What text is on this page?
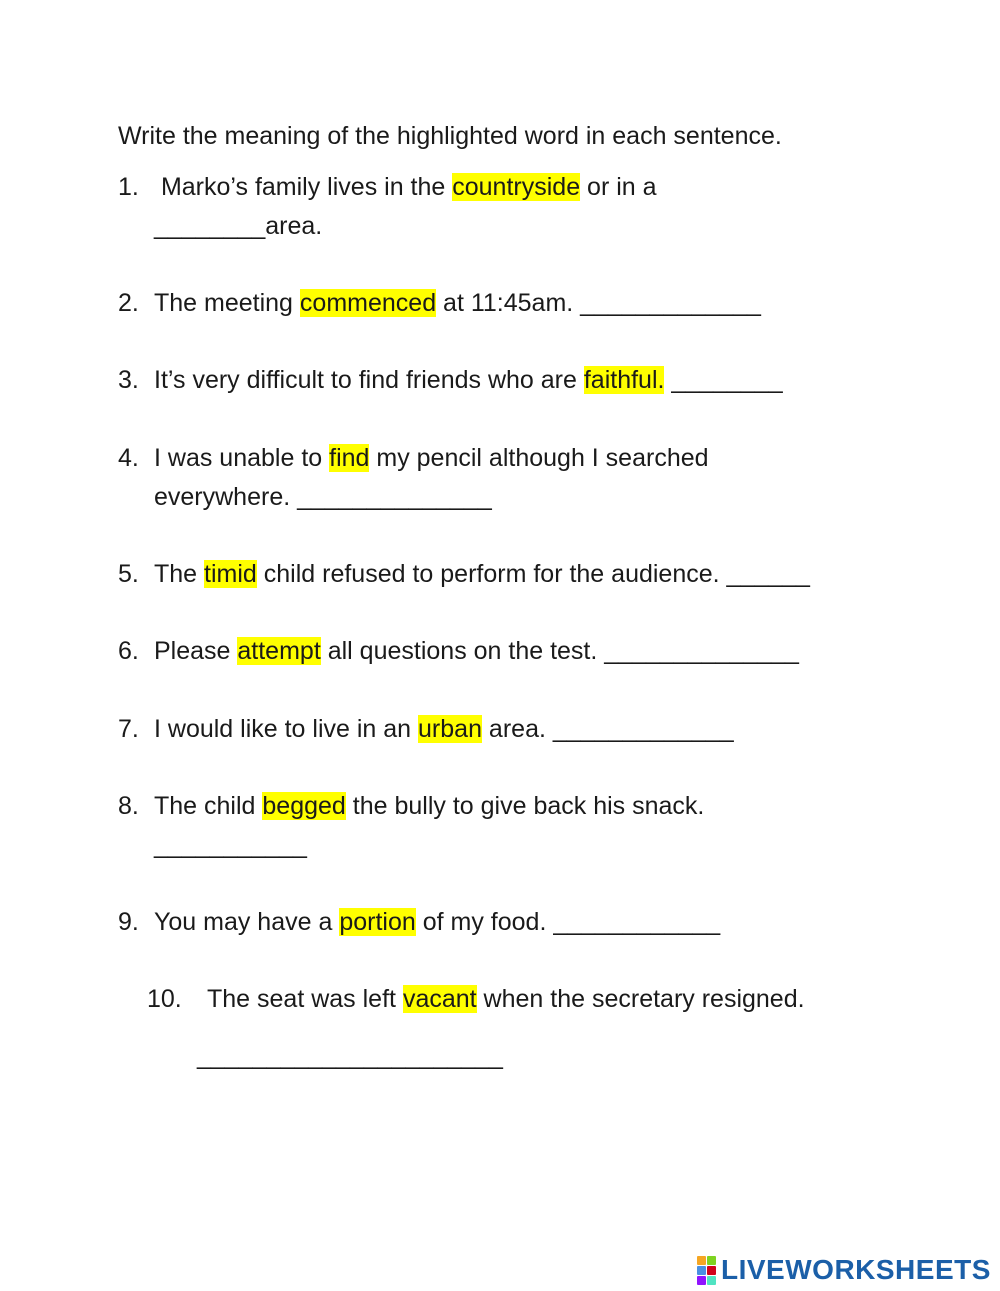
Write the meaning of the highlighted word in each sentence.
1. Marko’s family lives in the countryside or in a
________area.
2. The meeting commenced at 11:45am. _____________
3. It’s very difficult to find friends who are faithful. ________
4. I was unable to find my pencil although I searched
everywhere. ______________
5. The timid child refused to perform for the audience. ______
6. Please attempt all questions on the test. ______________
7. I would like to live in an urban area. _____________
8. The child begged the bully to give back his snack.
___________
9. You may have a portion of my food. ____________
10. The seat was left vacant when the secretary resigned.
______________________
LIVEWORKSHEETS
